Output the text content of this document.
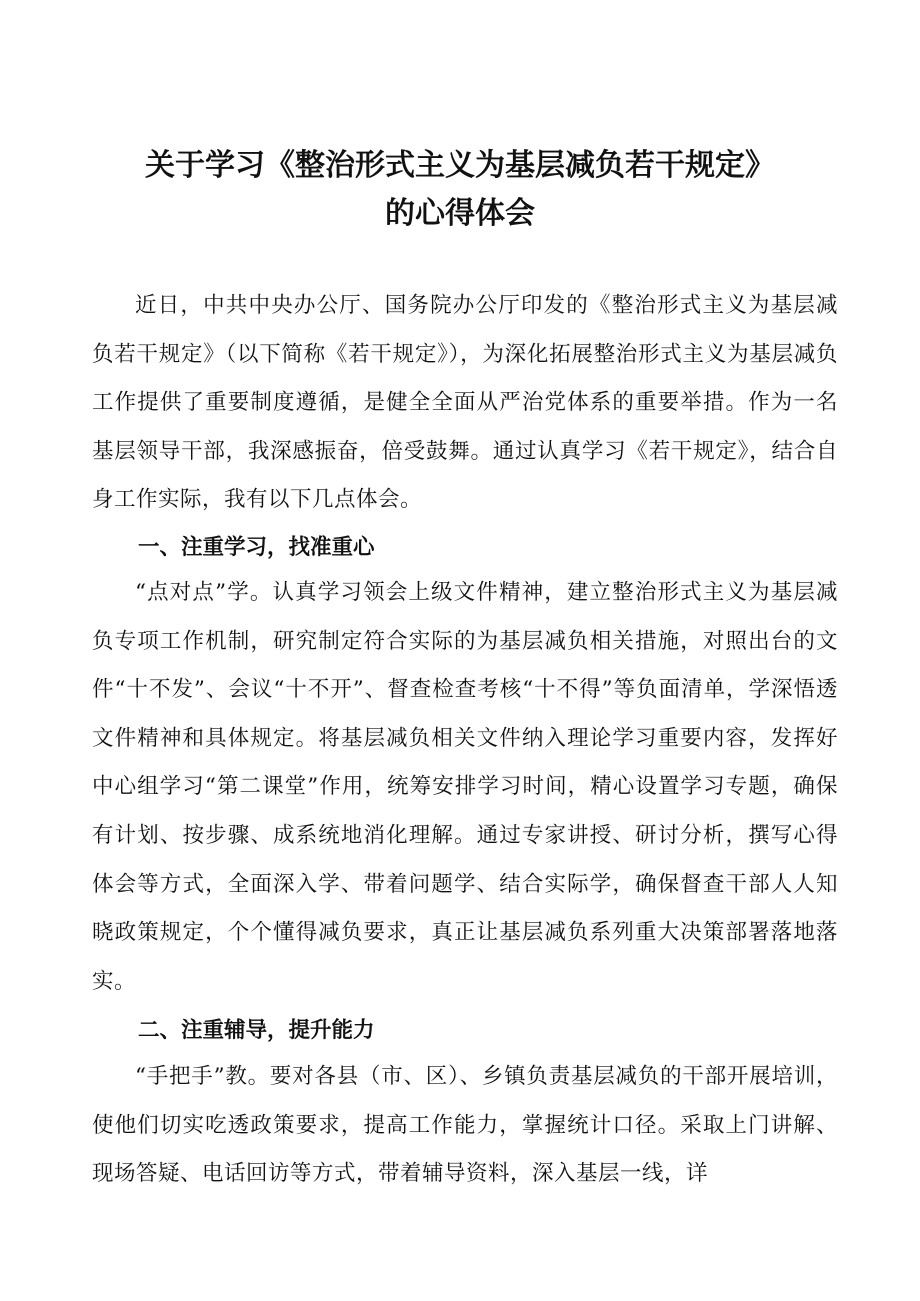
关于学习《整治形式主义为基层减负若干规定》
的心得体会

近日，中共中央办公厅、国务院办公厅印发的《整治形式主义为基层减负若干规定》（以下简称《若干规定》），为深化拓展整治形式主义为基层减负工作提供了重要制度遵循，是健全全面从严治党体系的重要举措。作为一名基层领导干部，我深感振奋，倍受鼓舞。通过认真学习《若干规定》，结合自身工作实际，我有以下几点体会。

一、注重学习，找准重心

“点对点”学。认真学习领会上级文件精神，建立整治形式主义为基层减负专项工作机制，研究制定符合实际的为基层减负相关措施，对照出台的文件“十不发”、会议“十不开”、督查检查考核“十不得”等负面清单，学深悟透文件精神和具体规定。将基层减负相关文件纳入理论学习重要内容，发挥好中心组学习“第二课堂”作用，统筹安排学习时间，精心设置学习专题，确保有计划、按步骤、成系统地消化理解。通过专家讲授、研讨分析，撰写心得体会等方式，全面深入学、带着问题学、结合实际学，确保督查干部人人知晓政策规定，个个懂得减负要求，真正让基层减负系列重大决策部署落地落实。

二、注重辅导，提升能力

“手把手”教。要对各县（市、区）、乡镇负责基层减负的干部开展培训，使他们切实吃透政策要求，提高工作能力，掌握统计口径。采取上门讲解、现场答疑、电话回访等方式，带着辅导资料，深入基层一线，详
